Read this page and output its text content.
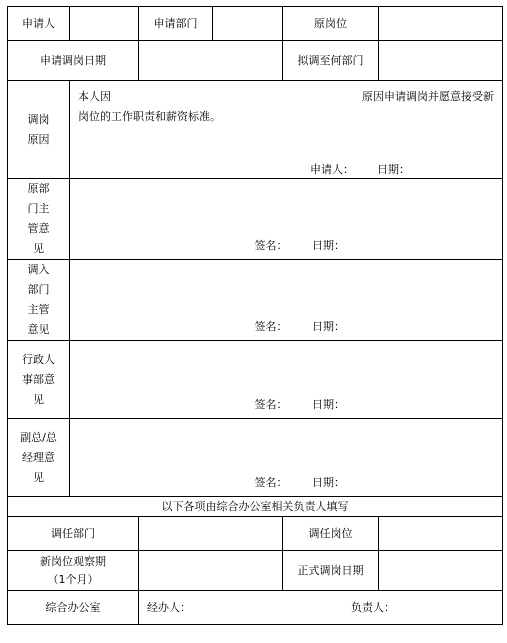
申请人		申请部门		原岗位	
申请调岗日期				拟调至何部门	

调岗原因	本人因 原因申请调岗并愿意接受新
岗位的工作职责和薪资标准。
申请人： 日期：				

原部门主管意见	签名： 日期：				

调入部门主管意见	签名： 日期：				

行政人事部意见	签名： 日期：				

副总/总经理意见	签名： 日期：				

以下各项由综合办公室相关负责人填写					
调任部门				调任岗位	

新岗位观察期
（1个月）				正式调岗日期	
综合办公室		经办人： 负责人：			
